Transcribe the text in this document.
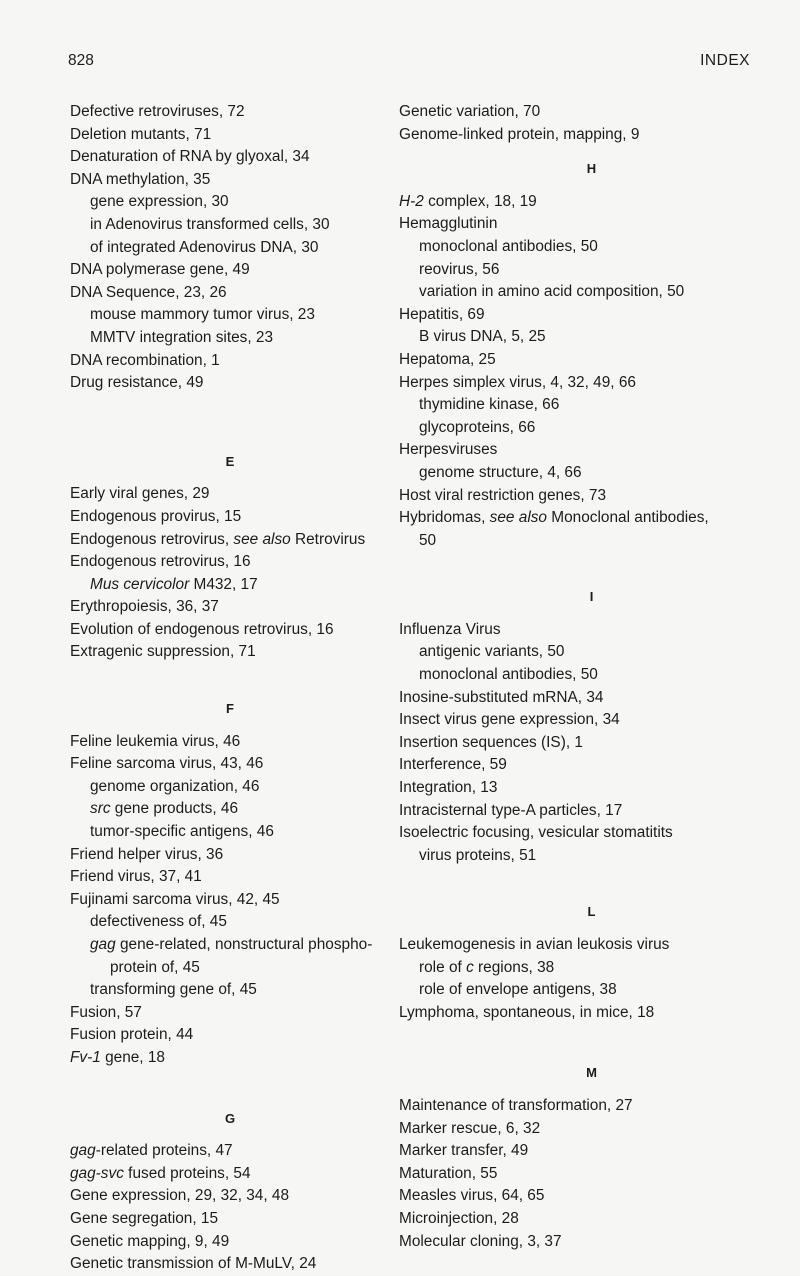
828	INDEX
Defective retroviruses, 72
Deletion mutants, 71
Denaturation of RNA by glyoxal, 34
DNA methylation, 35
gene expression, 30
in Adenovirus transformed cells, 30
of integrated Adenovirus DNA, 30
DNA polymerase gene, 49
DNA Sequence, 23, 26
mouse mammory tumor virus, 23
MMTV integration sites, 23
DNA recombination, 1
Drug resistance, 49
E
Early viral genes, 29
Endogenous provirus, 15
Endogenous retrovirus, see also Retrovirus
Endogenous retrovirus, 16
Mus cervicolor M432, 17
Erythropoiesis, 36, 37
Evolution of endogenous retrovirus, 16
Extragenic suppression, 71
F
Feline leukemia virus, 46
Feline sarcoma virus, 43, 46
genome organization, 46
src gene products, 46
tumor-specific antigens, 46
Friend helper virus, 36
Friend virus, 37, 41
Fujinami sarcoma virus, 42, 45
defectiveness of, 45
gag gene-related, nonstructural phospho-
protein of, 45
transforming gene of, 45
Fusion, 57
Fusion protein, 44
Fv-1 gene, 18
G
gag-related proteins, 47
gag-svc fused proteins, 54
Gene expression, 29, 32, 34, 48
Gene segregation, 15
Genetic mapping, 9, 49
Genetic transmission of M-MuLV, 24
Genetic variation, 70
Genome-linked protein, mapping, 9
H
H-2 complex, 18, 19
Hemagglutinin
monoclonal antibodies, 50
reovirus, 56
variation in amino acid composition, 50
Hepatitis, 69
B virus DNA, 5, 25
Hepatoma, 25
Herpes simplex virus, 4, 32, 49, 66
thymidine kinase, 66
glycoproteins, 66
Herpesviruses
genome structure, 4, 66
Host viral restriction genes, 73
Hybridomas, see also Monoclonal antibodies,
50
I
Influenza Virus
antigenic variants, 50
monoclonal antibodies, 50
Inosine-substituted mRNA, 34
Insect virus gene expression, 34
Insertion sequences (IS), 1
Interference, 59
Integration, 13
Intracisternal type-A particles, 17
Isoelectric focusing, vesicular stomatitits
virus proteins, 51
L
Leukemogenesis in avian leukosis virus
role of c regions, 38
role of envelope antigens, 38
Lymphoma, spontaneous, in mice, 18
M
Maintenance of transformation, 27
Marker rescue, 6, 32
Marker transfer, 49
Maturation, 55
Measles virus, 64, 65
Microinjection, 28
Molecular cloning, 3, 37
